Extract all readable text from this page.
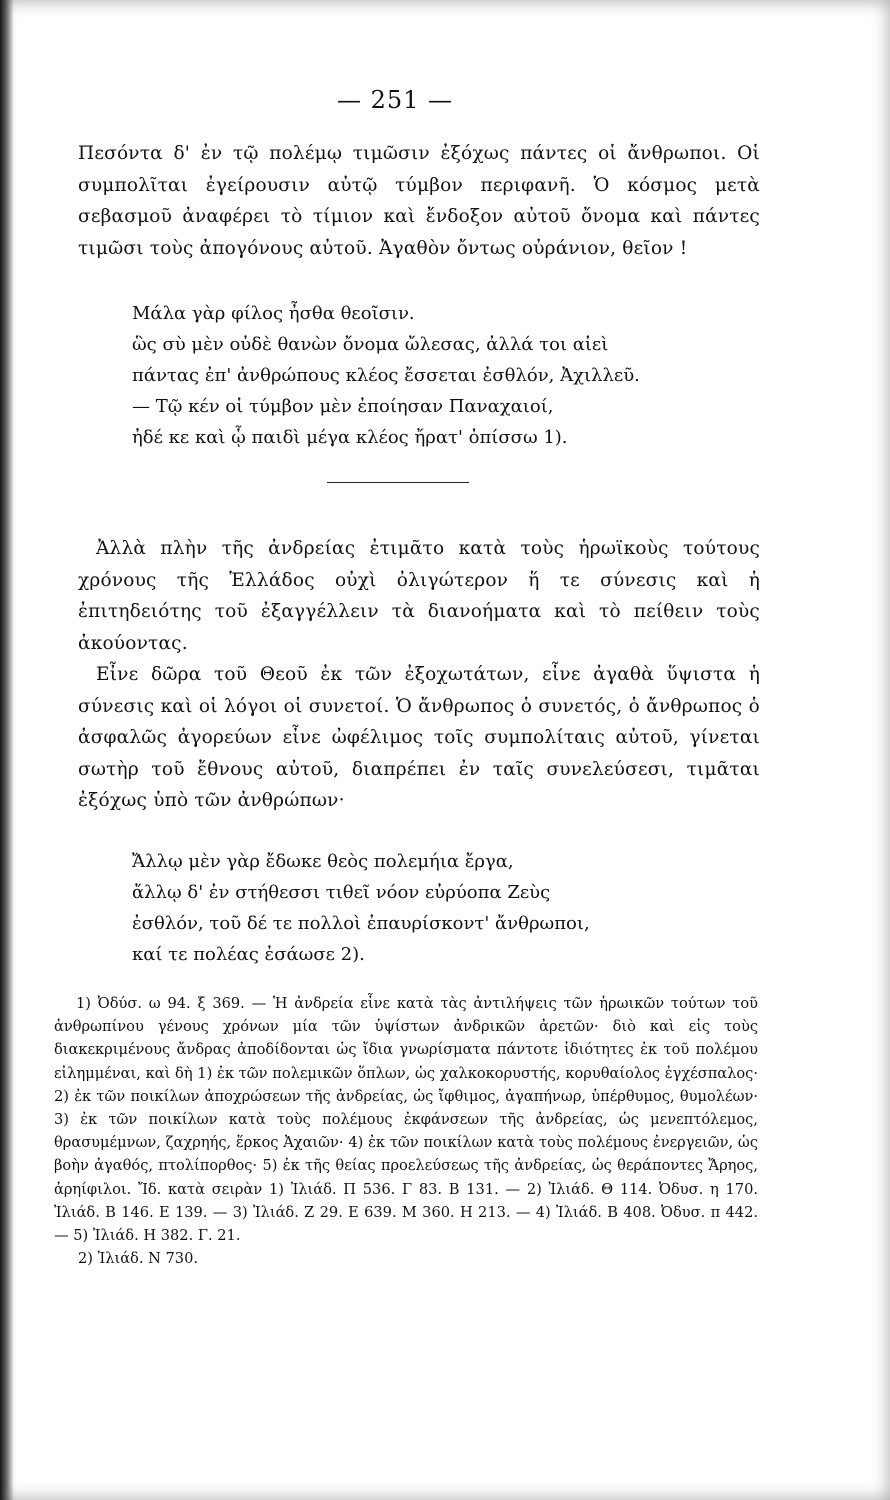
— 251 —

Πεσόντα δ' ἐν τῷ πολέμῳ τιμῶσιν ἐξόχως πάντες οἱ ἄνθρωποι. Οἱ συμπολῖται ἐγείρουσιν αὐτῷ τύμβον περιφανῆ. Ὁ κόσμος μετὰ σεβασμοῦ ἀναφέρει τὸ τίμιον καὶ ἔνδοξον αὐτοῦ ὄνομα καὶ πάντες τιμῶσι τοὺς ἀπογόνους αὐτοῦ. Ἀγαθὸν ὄντως οὐράνιον, θεῖον !

Μάλα γὰρ φίλος ἦσθα θεοῖσιν.

ὣς σὺ μὲν οὐδὲ θανὼν ὄνομα ὤλεσας, ἀλλά τοι αἰεὶ

πάντας ἐπ' ἀνθρώπους κλέος ἔσσεται ἐσθλόν, Ἀχιλλεῦ.

— Τῷ κέν οἱ τύμβον μὲν ἐποίησαν Παναχαιοί,

ἠδέ κε καὶ ᾧ παιδὶ μέγα κλέος ἤρατ' ὀπίσσω 1).

Ἀλλὰ πλὴν τῆς ἀνδρείας ἐτιμᾶτο κατὰ τοὺς ἡρωϊκοὺς τούτους χρόνους τῆς Ἑλλάδος οὐχὶ ὀλιγώτερον ἥ τε σύνεσις καὶ ἡ ἐπιτηδειότης τοῦ ἐξαγγέλλειν τὰ διανοήματα καὶ τὸ πείθειν τοὺς ἀκούοντας.

Εἶνε δῶρα τοῦ Θεοῦ ἐκ τῶν ἐξοχωτάτων, εἶνε ἀγαθὰ ὕψιστα ἡ σύνεσις καὶ οἱ λόγοι οἱ συνετοί. Ὁ ἄνθρωπος ὁ συνετός, ὁ ἄνθρωπος ὁ ἀσφαλῶς ἀγορεύων εἶνε ὠφέλιμος τοῖς συμπολίταις αὐτοῦ, γίνεται σωτὴρ τοῦ ἔθνους αὐτοῦ, διαπρέπει ἐν ταῖς συνελεύσεσι, τιμᾶται ἐξόχως ὑπὸ τῶν ἀνθρώπων·

Ἄλλῳ μὲν γὰρ ἔδωκε θεὸς πολεμήια ἔργα,

ἄλλῳ δ' ἐν στήθεσσι τιθεῖ νόον εὐρύοπα Ζεὺς

ἐσθλόν, τοῦ δέ τε πολλοὶ ἐπαυρίσκοντ' ἄνθρωποι,

καί τε πολέας ἐσάωσε 2).

1) Ὀδύσ. ω 94. ξ 369. — Ἡ ἀνδρεία εἶνε κατὰ τὰς ἀντιλήψεις τῶν ἡρωικῶν τούτων τοῦ ἀνθρωπίνου γένους χρόνων μία τῶν ὑψίστων ἀνδρικῶν ἀρετῶν· διὸ καὶ εἰς τοὺς διακεκριμένους ἄνδρας ἀποδίδονται ὡς ἴδια γνωρίσματα πάντοτε ἰδιότητες ἐκ τοῦ πολέμου εἰλημμέναι, καὶ δὴ 1) ἐκ τῶν πολεμικῶν ὅπλων, ὡς χαλκοκορυστής, κορυθαίολος ἐγχέσπαλος· 2) ἐκ τῶν ποικίλων ἀποχρώσεων τῆς ἀνδρείας, ὡς ἴφθιμος, ἀγαπήνωρ, ὑπέρθυμος, θυμολέων· 3) ἐκ τῶν ποικίλων κατὰ τοὺς πολέμους ἐκφάνσεων τῆς ἀνδρείας, ὡς μενεπτόλεμος, θρασυμέμνων, ζαχρηής, ἕρκος Ἀχαιῶν· 4) ἐκ τῶν ποικίλων κατὰ τοὺς πολέμους ἐνεργειῶν, ὡς βοὴν ἀγαθός, πτολίπορθος· 5) ἐκ τῆς θείας προελεύσεως τῆς ἀνδρείας, ὡς θεράποντες Ἄρηος, ἀρηίφιλοι. Ἴδ. κατὰ σειρὰν 1) Ἰλιάδ. Π 536. Γ 83. Β 131. — 2) Ἰλιάδ. Θ 114. Ὀδυσ. η 170. Ἰλιάδ. Β 146. Ε 139. — 3) Ἰλιάδ. Ζ 29. Ε 639. Μ 360. Η 213. — 4) Ἰλιάδ. Β 408. Ὀδυσ. π 442. — 5) Ἰλιάδ. Η 382. Γ. 21.

2) Ἰλιάδ. Ν 730.
